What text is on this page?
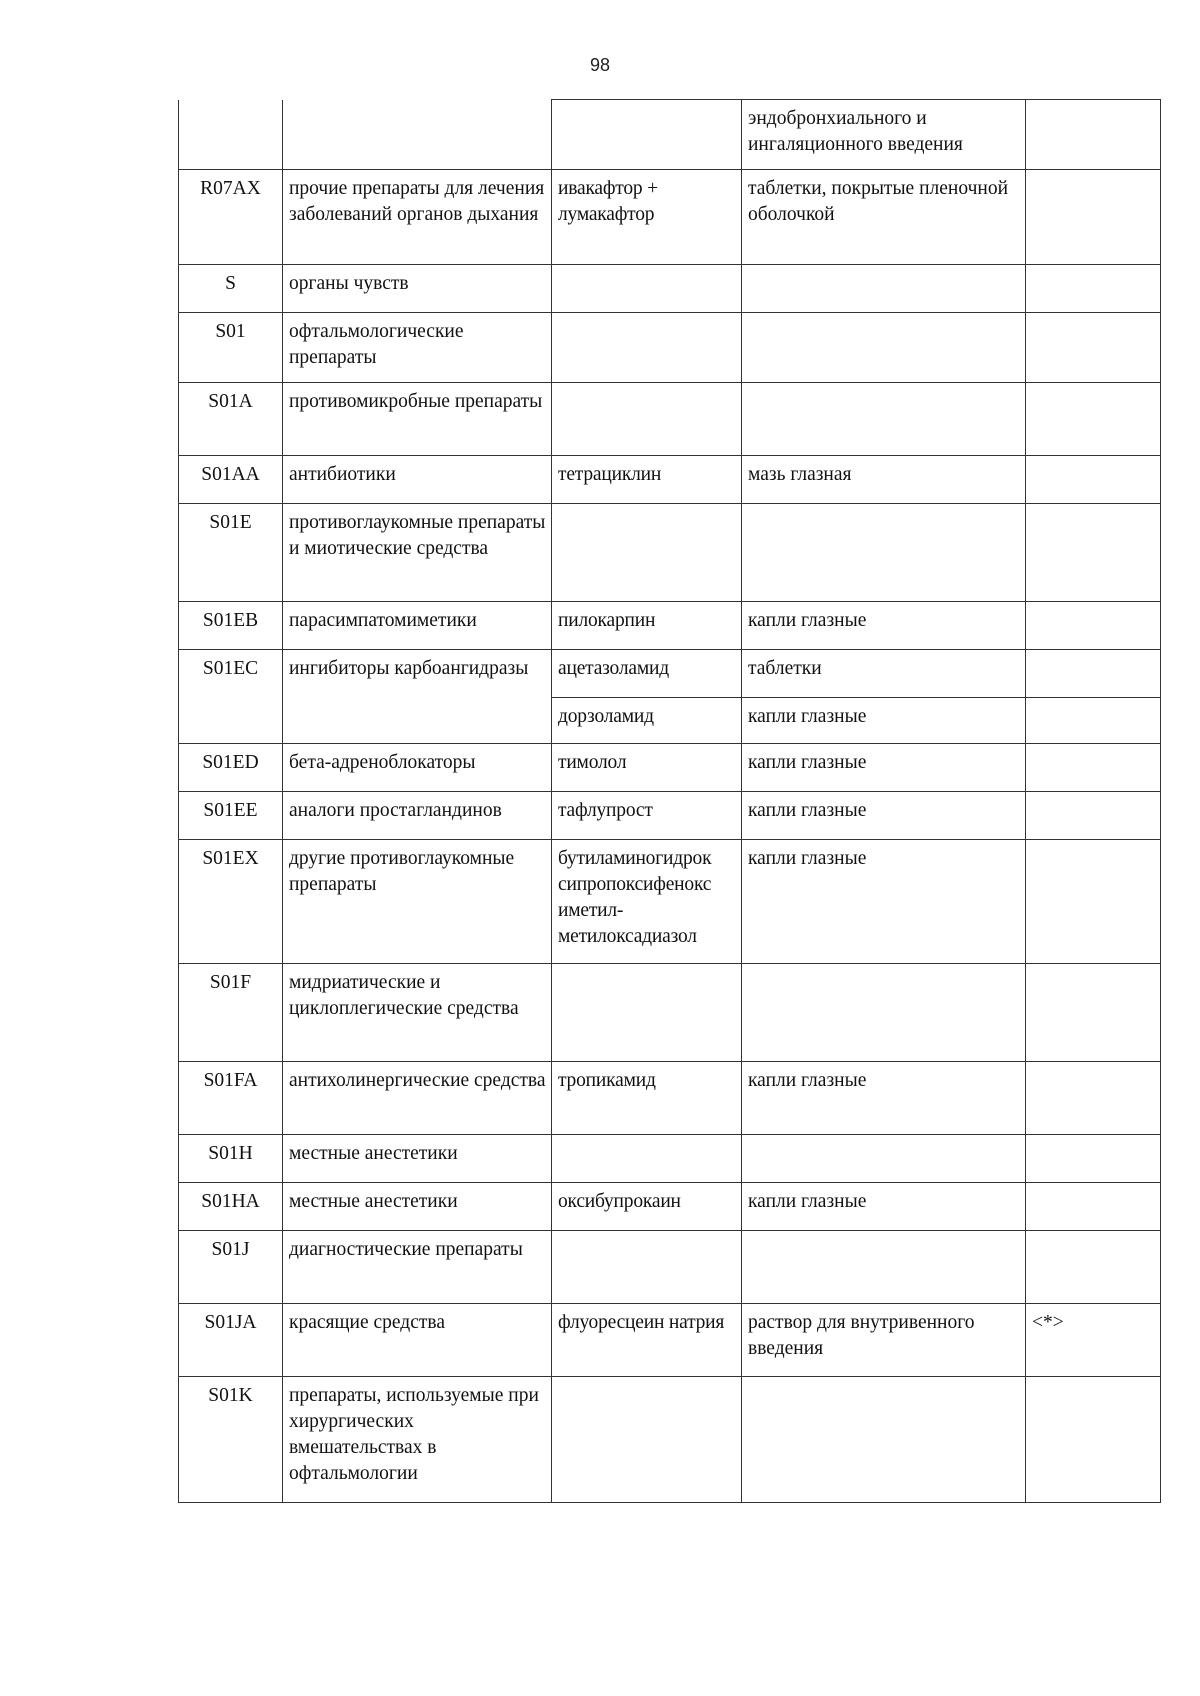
98
			эндобронхиального и ингаляционного введения	
R07AX	прочие препараты для лечения заболеваний органов дыхания	ивакафтор + лумакафтор	таблетки, покрытые пленочной оболочкой	
S	органы чувств			
S01	офтальмологические препараты			
S01A	противомикробные препараты			
S01AA	антибиотики	тетрациклин	мазь глазная	
S01E	противоглаукомные препараты и миотические средства			
S01EB	парасимпатомиметики	пилокарпин	капли глазные	
S01EC	ингибиторы карбоангидразы	ацетазоламид	таблетки	
		дорзоламид	капли глазные	
S01ED	бета-адреноблокаторы	тимолол	капли глазные	
S01EE	аналоги простагландинов	тафлупрост	капли глазные	
S01EX	другие противоглаукомные препараты	бутиламиногидрок сипропоксифенокс иметил- метилоксадиазол	капли глазные	
S01F	мидриатические и циклоплегические средства			
S01FA	антихолинергические средства	тропикамид	капли глазные	
S01H	местные анестетики			
S01HA	местные анестетики	оксибупрокаин	капли глазные	
S01J	диагностические препараты			
S01JA	красящие средства	флуоресцеин натрия	раствор для внутривенного введения	<*>
S01K	препараты, используемые при хирургических вмешательствах в офтальмологии			
